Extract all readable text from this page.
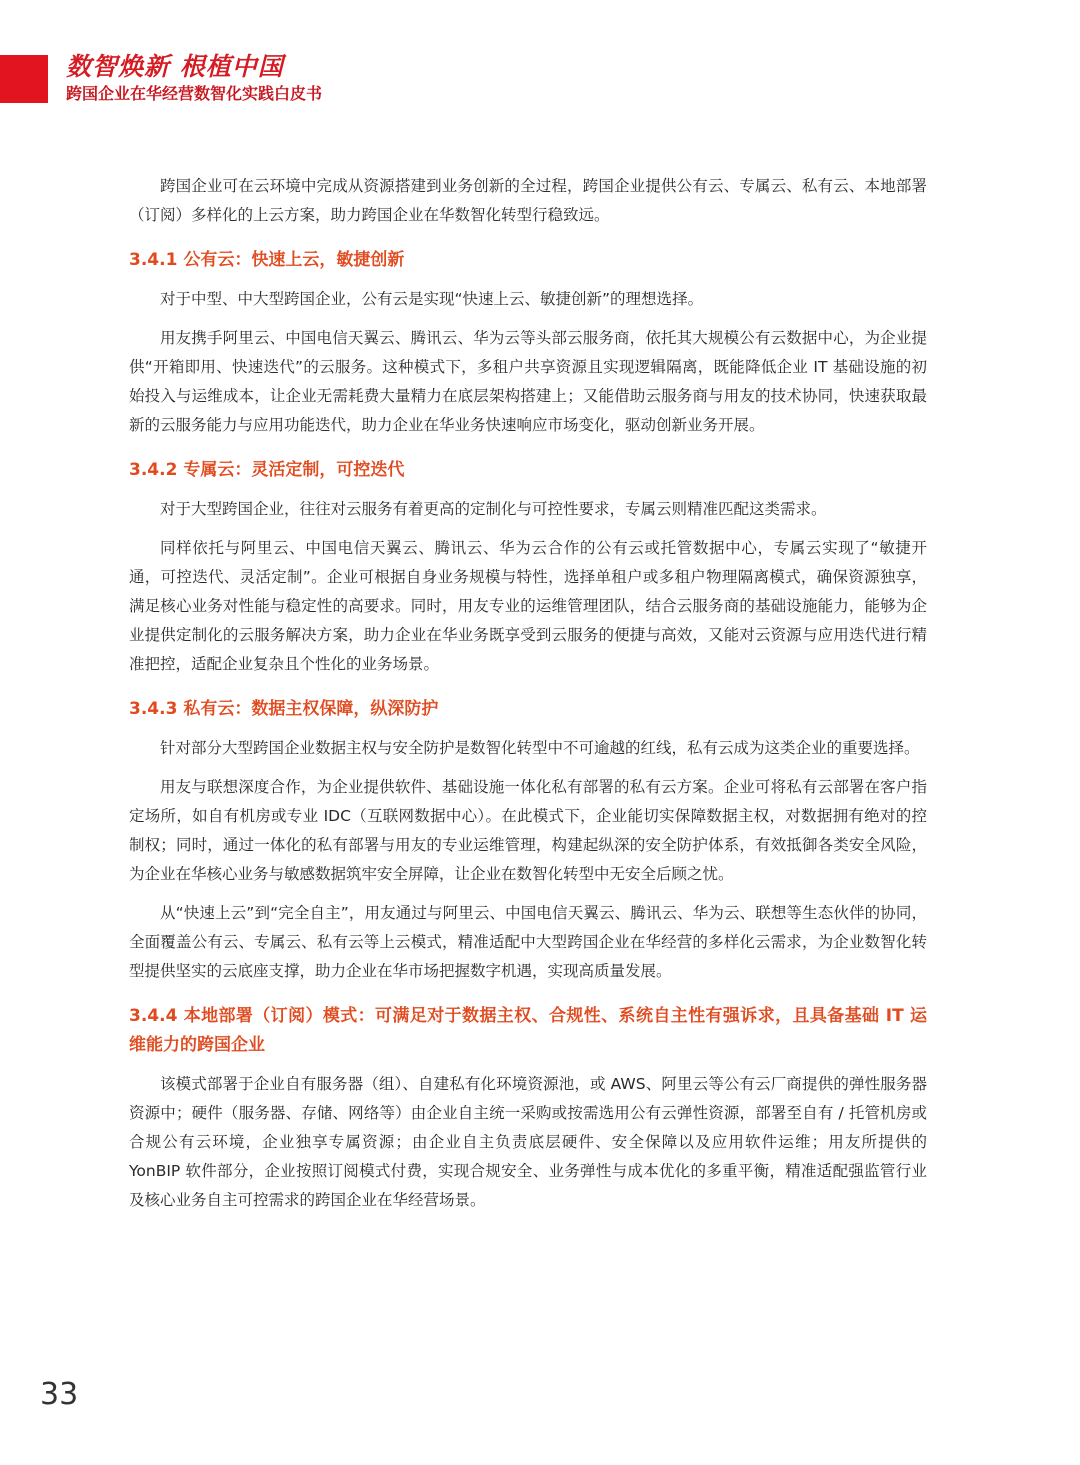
数智焕新 根植中国
跨国企业在华经营数智化实践白皮书

跨国企业可在云环境中完成从资源搭建到业务创新的全过程，跨国企业提供公有云、专属云、私有云、本地部署（订阅）多样化的上云方案，助力跨国企业在华数智化转型行稳致远。

3.4.1 公有云：快速上云，敏捷创新

对于中型、中大型跨国企业，公有云是实现“快速上云、敏捷创新”的理想选择。

用友携手阿里云、中国电信天翼云、腾讯云、华为云等头部云服务商，依托其大规模公有云数据中心，为企业提供“开箱即用、快速迭代”的云服务。这种模式下，多租户共享资源且实现逻辑隔离，既能降低企业 IT 基础设施的初始投入与运维成本，让企业无需耗费大量精力在底层架构搭建上；又能借助云服务商与用友的技术协同，快速获取最新的云服务能力与应用功能迭代，助力企业在华业务快速响应市场变化，驱动创新业务开展。

3.4.2 专属云：灵活定制，可控迭代

对于大型跨国企业，往往对云服务有着更高的定制化与可控性要求，专属云则精准匹配这类需求。

同样依托与阿里云、中国电信天翼云、腾讯云、华为云合作的公有云或托管数据中心，专属云实现了“敏捷开通，可控迭代、灵活定制”。企业可根据自身业务规模与特性，选择单租户或多租户物理隔离模式，确保资源独享，满足核心业务对性能与稳定性的高要求。同时，用友专业的运维管理团队，结合云服务商的基础设施能力，能够为企业提供定制化的云服务解决方案，助力企业在华业务既享受到云服务的便捷与高效，又能对云资源与应用迭代进行精准把控，适配企业复杂且个性化的业务场景。

3.4.3 私有云：数据主权保障，纵深防护

针对部分大型跨国企业数据主权与安全防护是数智化转型中不可逾越的红线，私有云成为这类企业的重要选择。

用友与联想深度合作，为企业提供软件、基础设施一体化私有部署的私有云方案。企业可将私有云部署在客户指定场所，如自有机房或专业 IDC（互联网数据中心）。在此模式下，企业能切实保障数据主权，对数据拥有绝对的控制权；同时，通过一体化的私有部署与用友的专业运维管理，构建起纵深的安全防护体系，有效抵御各类安全风险，为企业在华核心业务与敏感数据筑牢安全屏障，让企业在数智化转型中无安全后顾之忧。

从“快速上云”到“完全自主”，用友通过与阿里云、中国电信天翼云、腾讯云、华为云、联想等生态伙伴的协同，全面覆盖公有云、专属云、私有云等上云模式，精准适配中大型跨国企业在华经营的多样化云需求，为企业数智化转型提供坚实的云底座支撑，助力企业在华市场把握数字机遇，实现高质量发展。

3.4.4 本地部署（订阅）模式：可满足对于数据主权、合规性、系统自主性有强诉求，且具备基础 IT 运维能力的跨国企业

该模式部署于企业自有服务器（组）、自建私有化环境资源池，或 AWS、阿里云等公有云厂商提供的弹性服务器资源中；硬件（服务器、存储、网络等）由企业自主统一采购或按需选用公有云弹性资源，部署至自有 / 托管机房或合规公有云环境，企业独享专属资源；由企业自主负责底层硬件、安全保障以及应用软件运维；用友所提供的 YonBIP 软件部分，企业按照订阅模式付费，实现合规安全、业务弹性与成本优化的多重平衡，精准适配强监管行业及核心业务自主可控需求的跨国企业在华经营场景。

33
